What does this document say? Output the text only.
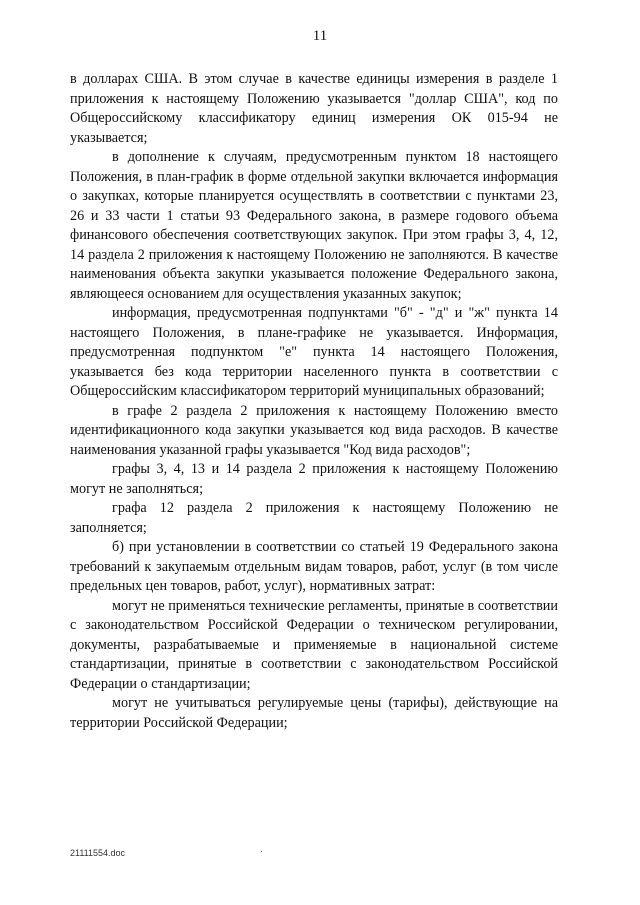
11

в долларах США. В этом случае в качестве единицы измерения в разделе 1 приложения к настоящему Положению указывается "доллар США", код по Общероссийскому классификатору единиц измерения ОК 015-94 не указывается;

в дополнение к случаям, предусмотренным пунктом 18 настоящего Положения, в план-график в форме отдельной закупки включается информация о закупках, которые планируется осуществлять в соответствии с пунктами 23, 26 и 33 части 1 статьи 93 Федерального закона, в размере годового объема финансового обеспечения соответствующих закупок. При этом графы 3, 4, 12, 14 раздела 2 приложения к настоящему Положению не заполняются. В качестве наименования объекта закупки указывается положение Федерального закона, являющееся основанием для осуществления указанных закупок;

информация, предусмотренная подпунктами "б" - "д" и "ж" пункта 14 настоящего Положения, в плане-графике не указывается. Информация, предусмотренная подпунктом "е" пункта 14 настоящего Положения, указывается без кода территории населенного пункта в соответствии с Общероссийским классификатором территорий муниципальных образований;

в графе 2 раздела 2 приложения к настоящему Положению вместо идентификационного кода закупки указывается код вида расходов. В качестве наименования указанной графы указывается "Код вида расходов";

графы 3, 4, 13 и 14 раздела 2 приложения к настоящему Положению могут не заполняться;

графа 12 раздела 2 приложения к настоящему Положению не заполняется;

б) при установлении в соответствии со статьей 19 Федерального закона требований к закупаемым отдельным видам товаров, работ, услуг (в том числе предельных цен товаров, работ, услуг), нормативных затрат:

могут не применяться технические регламенты, принятые в соответствии с законодательством Российской Федерации о техническом регулировании, документы, разрабатываемые и применяемые в национальной системе стандартизации, принятые в соответствии с законодательством Российской Федерации о стандартизации;

могут не учитываться регулируемые цены (тарифы), действующие на территории Российской Федерации;

21111554.doc
